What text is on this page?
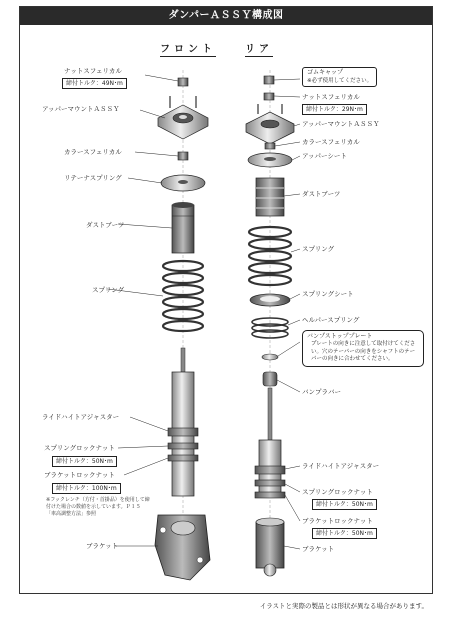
ダンパーＡＳＳＹ構成図
フロント	リア
ナットスフェリカル
締付トルク：49N･m
アッパーマウントＡＳＳＹ
カラースフェリカル
リテーナスプリング
ダストブーツ
スプリング
ライドハイトアジャスター
スプリングロックナット
締付トルク：50N･m
ブラケットロックナット
締付トルク：100N･m
※フックレンチ（方付・首掛品）を使用して締付けた場合の数値を示しています。Ｐ１５「車高調整方法」参照
ブラケット
ゴムキャップ
※必ず使用してください。
ナットスフェリカル
締付トルク：29N･m
アッパーマウントＡＳＳＹ
カラースフェリカル
アッパーシート
ダストブーツ
スプリング
スプリングシート
ヘルパースプリング
バンプストッププレート
プレートの向きに注意して取付けてください。穴のテーパーの向きをシャフトのテーパーの向きに合わせてください。
バンプラバー
ライドハイトアジャスター
スプリングロックナット
締付トルク：50N･m
ブラケットロックナット
締付トルク：50N･m
ブラケット
イラストと実際の製品とは形状が異なる場合があります。
